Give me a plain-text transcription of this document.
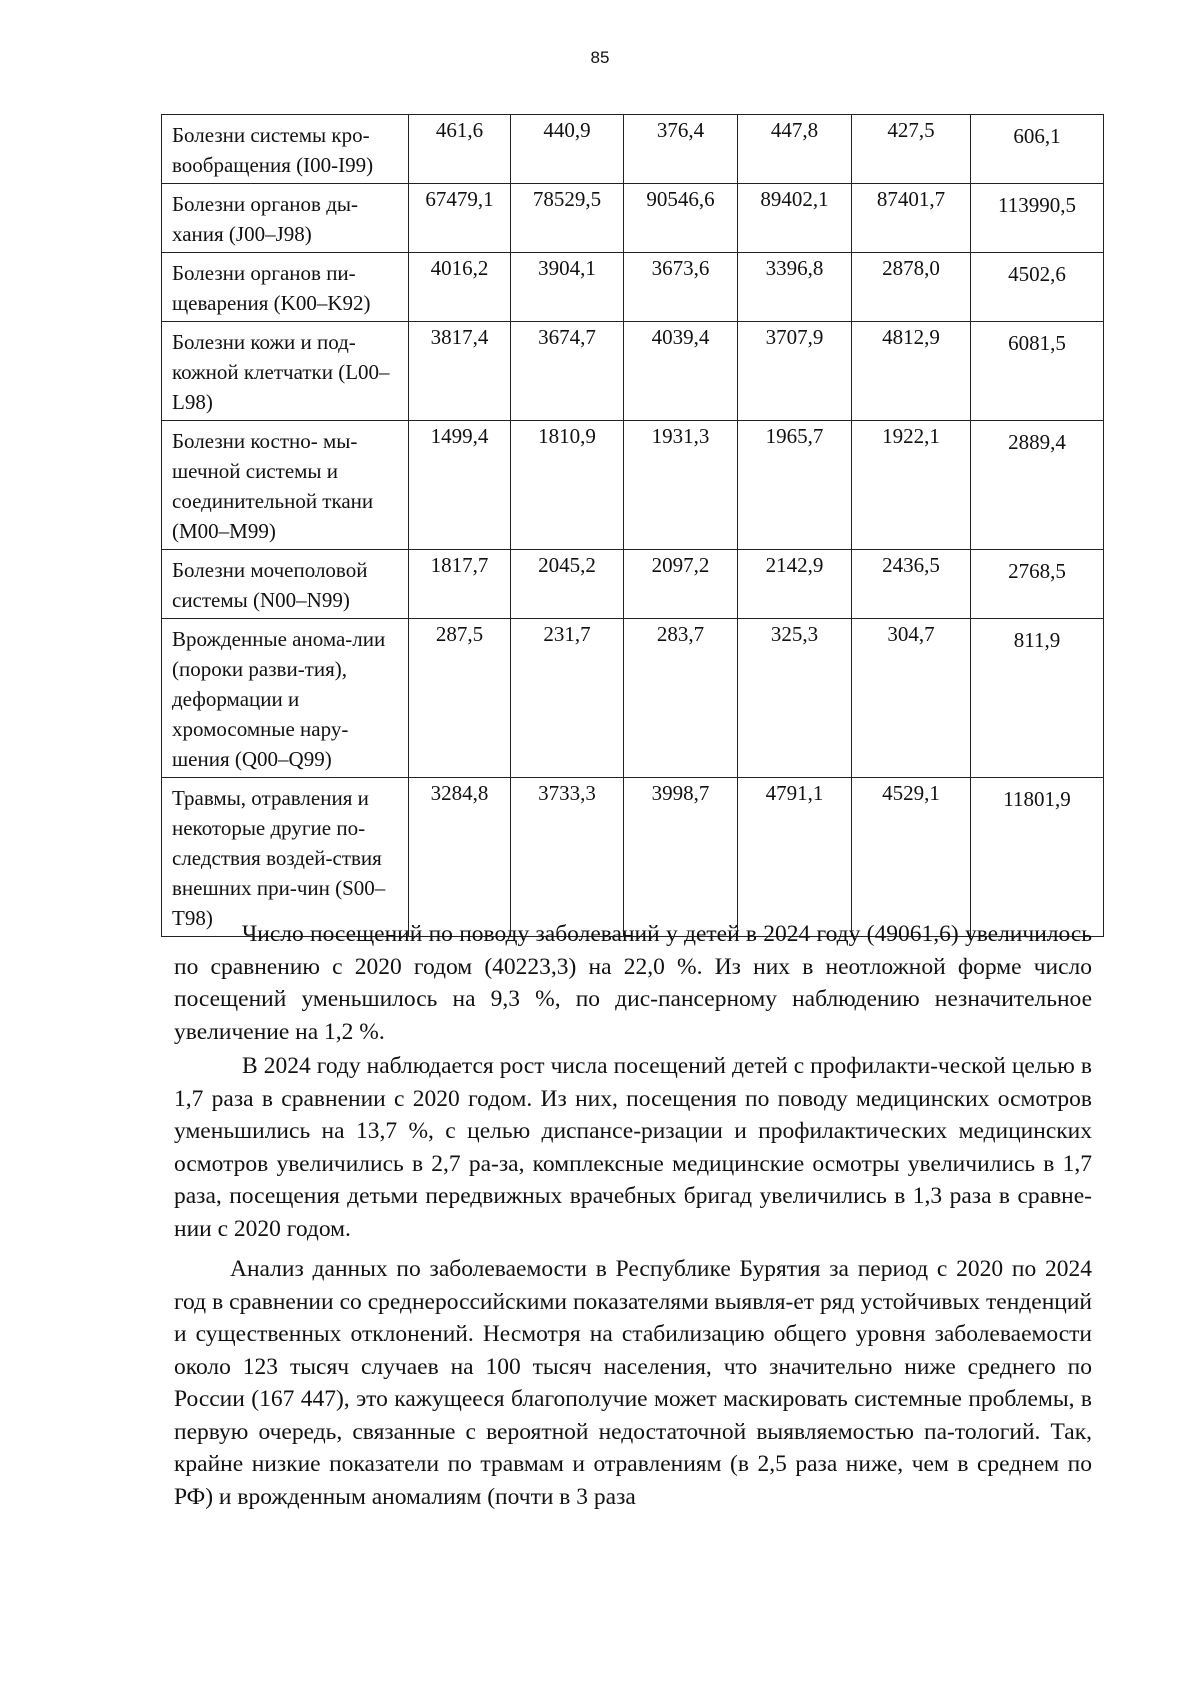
85
Болезни системы кро-вообращения (I00-I99)	461,6	440,9	376,4	447,8	427,5	606,1
Болезни органов ды-хания (J00–J98)	67479,1	78529,5	90546,6	89402,1	87401,7	113990,5
Болезни органов пи-щеварения (K00–K92)	4016,2	3904,1	3673,6	3396,8	2878,0	4502,6
Болезни кожи и под-кожной клетчатки (L00–L98)	3817,4	3674,7	4039,4	3707,9	4812,9	6081,5
Болезни костно- мы-шечной системы и соединительной ткани (M00–M99)	1499,4	1810,9	1931,3	1965,7	1922,1	2889,4
Болезни мочеполовой системы (N00–N99)	1817,7	2045,2	2097,2	2142,9	2436,5	2768,5
Врожденные анома-лии (пороки разви-тия), деформации и хромосомные нару-шения (Q00–Q99)	287,5	231,7	283,7	325,3	304,7	811,9
Травмы, отравления и некоторые другие по-следствия воздей-ствия внешних при-чин (S00– T98)	3284,8	3733,3	3998,7	4791,1	4529,1	11801,9

Число посещений по поводу заболеваний у детей в 2024 году (49061,6) увеличилось по сравнению с 2020 годом (40223,3) на 22,0 %. Из них в неотложной форме число посещений уменьшилось на 9,3 %, по дис-пансерному наблюдению незначительное увеличение на 1,2 %.

В 2024 году наблюдается рост числа посещений детей с профилакти-ческой целью в 1,7 раза в сравнении с 2020 годом. Из них, посещения по поводу медицинских осмотров уменьшились на 13,7 %, с целью диспансе-ризации и профилактических медицинских осмотров увеличились в 2,7 ра-за, комплексные медицинские осмотры увеличились в 1,7 раза, посещения детьми передвижных врачебных бригад увеличились в 1,3 раза в сравне-нии с 2020 годом.

Анализ данных по заболеваемости в Республике Бурятия за период с 2020 по 2024 год в сравнении со среднероссийскими показателями выявля-ет ряд устойчивых тенденций и существенных отклонений. Несмотря на стабилизацию общего уровня заболеваемости около 123 тысяч случаев на 100 тысяч населения, что значительно ниже среднего по России (167 447), это кажущееся благополучие может маскировать системные проблемы, в первую очередь, связанные с вероятной недостаточной выявляемостью па-тологий. Так, крайне низкие показатели по травмам и отравлениям (в 2,5 раза ниже, чем в среднем по РФ) и врожденным аномалиям (почти в 3 раза
